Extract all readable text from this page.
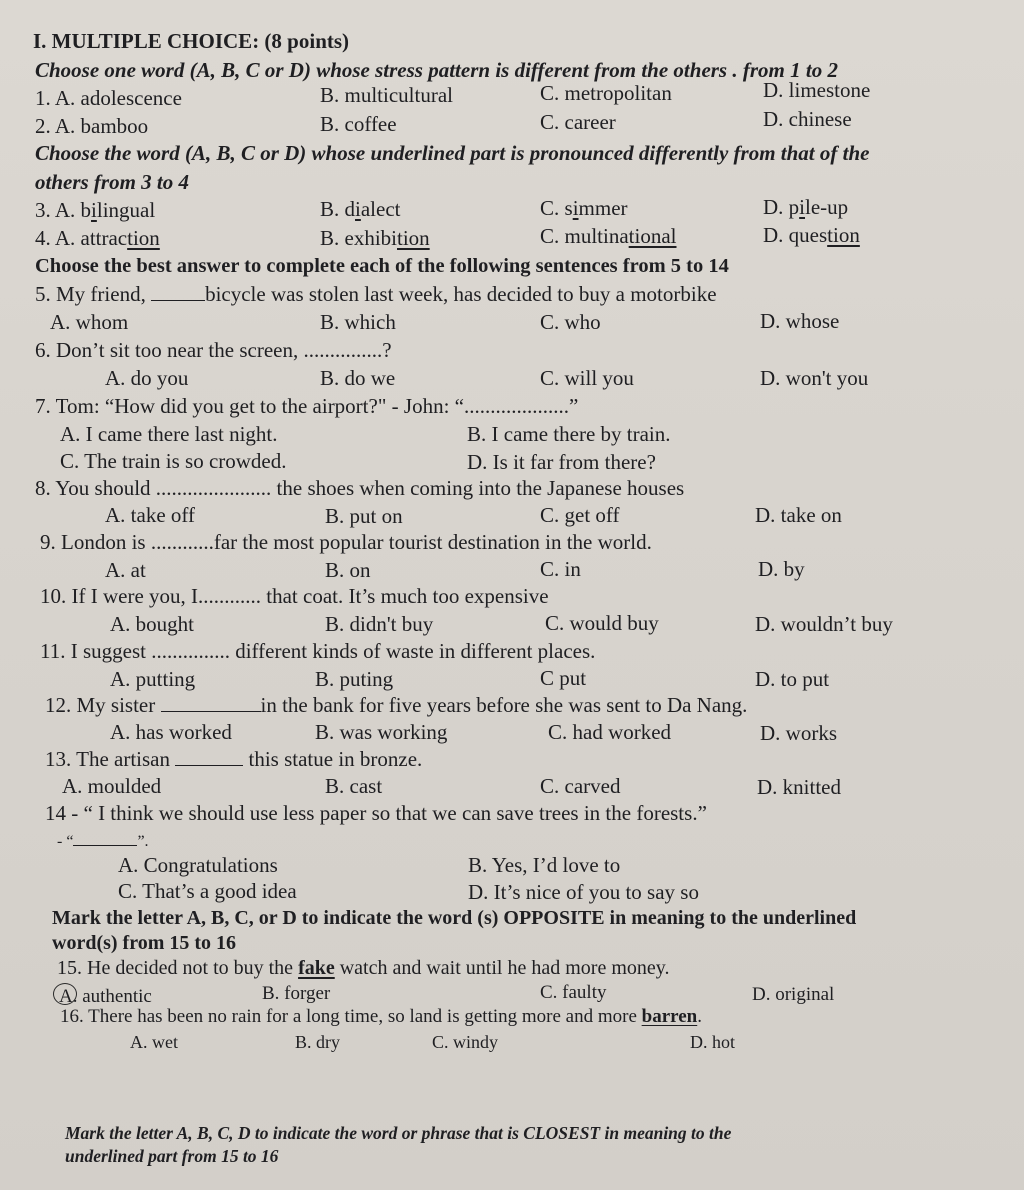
I. MULTIPLE CHOICE: (8 points)
Choose one word (A, B, C or D) whose stress pattern is different from the others . from 1 to 2
1. A. adolescence	B. multicultural	C. metropolitan	D. limestone
2. A. bamboo	B. coffee	C. career	D. chinese
Choose the word (A, B, C or D) whose underlined part is pronounced differently from that of the
others from 3 to 4
3. A. bilingual	B. dialect	C. simmer	D. pile-up
4. A. attraction	B. exhibition	C. multinational	D. question
Choose the best answer to complete each of the following sentences from 5 to 14
5. My friend,	bicycle was stolen last week, has decided to buy a motorbike
A. whom	B. which	C. who	D. whose
6. Don’t sit too near the screen, ...............?
A. do you	B. do we	C. will you	D. won't you
7. Tom: “How did you get to the airport?" - John: “....................”
A. I came there last night.	B. I came there by train.
C. The train is so crowded.	D. Is it far from there?
8. You should ...................... the shoes when coming into the Japanese houses
A. take off	B. put on	C. get off	D. take on
9. London is ............far the most popular tourist destination in the world.
A. at	B. on	C. in	D. by
10. If I were you, I............ that coat. It’s much too expensive
A. bought	B. didn't buy	C. would buy	D. wouldn’t buy
11. I suggest ............... different kinds of waste in different places.
A. putting	B. puting	C put	D. to put
12. My sister	in the bank for five years before she was sent to Da Nang.
A. has worked	B. was working	C. had worked	D. works
13. The artisan	this statue in bronze.
A. moulded	B. cast	C. carved	D. knitted
14 - “ I think we should use less paper so that we can save trees in the forests.”
- “	”.
A. Congratulations	B. Yes, I’d love to
C. That’s a good idea	D. It’s nice of you to say so
Mark the letter A, B, C, or D to indicate the word (s) OPPOSITE in meaning to the underlined
word(s) from 15 to 16
15. He decided not to buy the fake watch and wait until he had more money.
A. authentic	B. forger	C. faulty	D. original
16. There has been no rain for a long time, so land is getting more and more barren.
A. wet	B. dry	C. windy	D. hot
Mark the letter A, B, C, D to indicate the word or phrase that is CLOSEST in meaning to the
underlined part from 15 to 16
